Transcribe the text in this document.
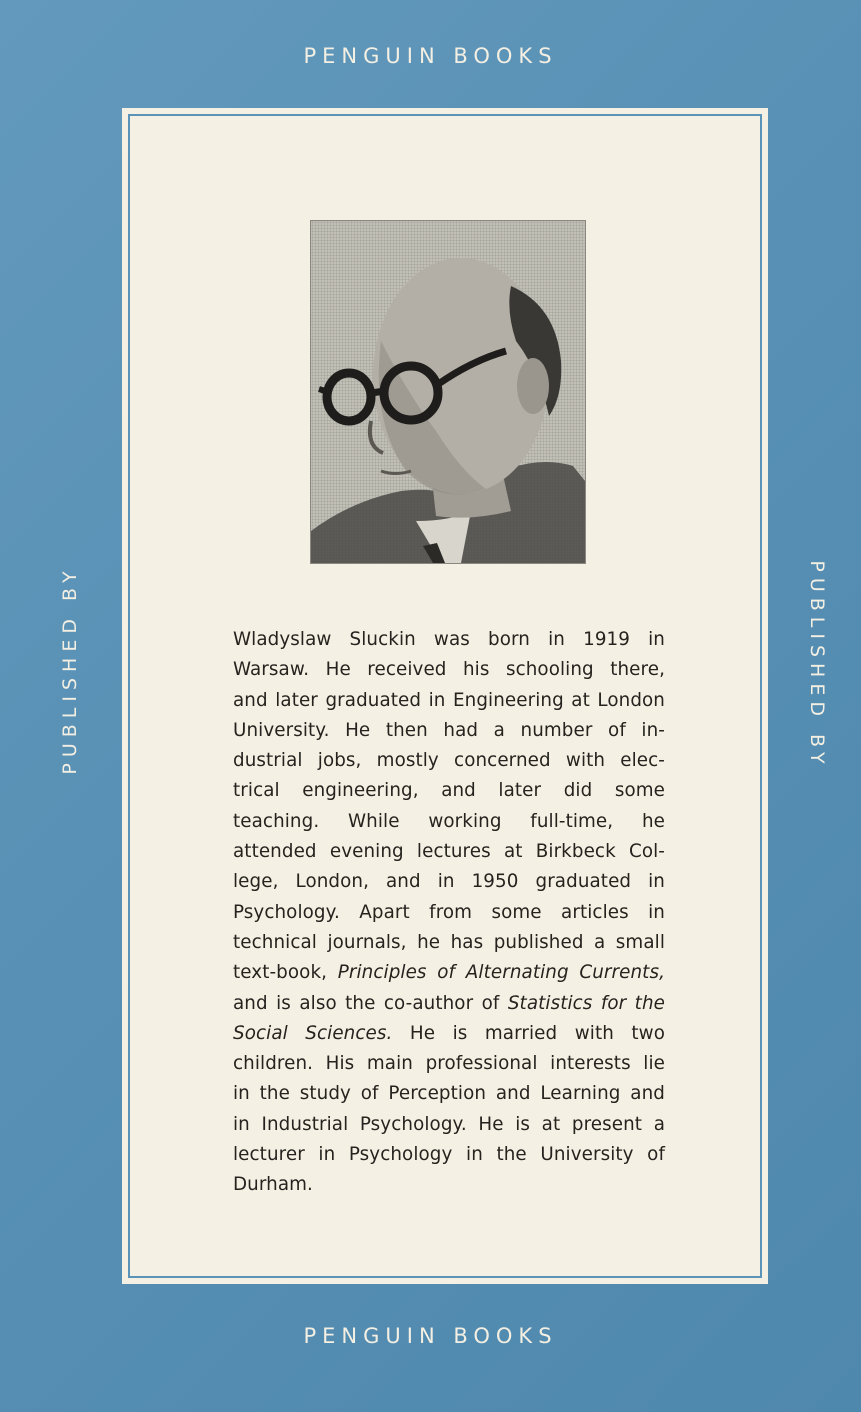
PENGUIN BOOKS
PUBLISHED BY	PUBLISHED BY
Wladyslaw Sluckin was born in 1919 in
Warsaw. He received his schooling there,
and later graduated in Engineering at London
University. He then had a number of in-
dustrial jobs, mostly concerned with elec-
trical engineering, and later did some
teaching. While working full-time, he
attended evening lectures at Birkbeck Col-
lege, London, and in 1950 graduated in
Psychology. Apart from some articles in
technical journals, he has published a small
text-book, Principles of Alternating Currents,
and is also the co-author of Statistics for the
Social Sciences. He is married with two
children. His main professional interests lie
in the study of Perception and Learning and
in Industrial Psychology. He is at present a
lecturer in Psychology in the University of
Durham.
PENGUIN BOOKS
